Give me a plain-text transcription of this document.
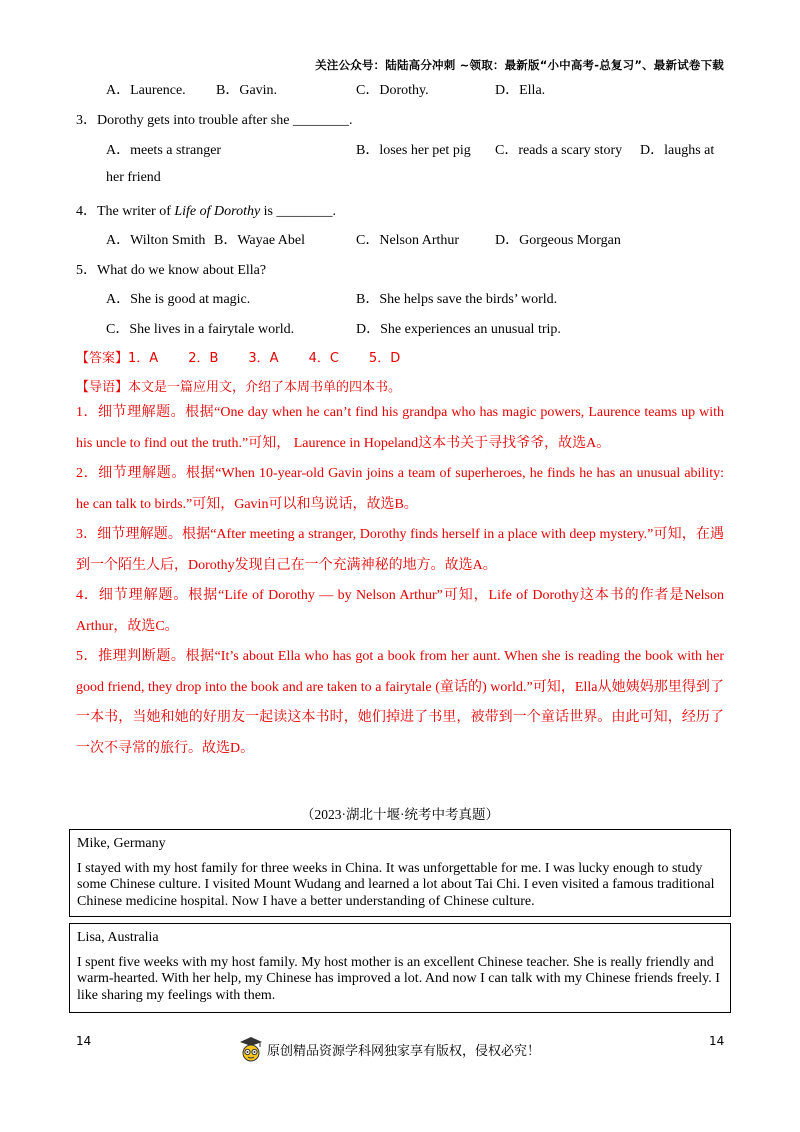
关注公众号：陆陆高分冲刺 ~领取：最新版“小中高考-总复习”、最新试卷下载
A．Laurence. B．Gavin.	C．Dorothy.	D．Ella.
3．Dorothy gets into trouble after she ________.
A．meets a stranger	B．loses her pet pig C．reads a scary story D．laughs at
her friend
4．The writer of Life of Dorothy is ________.
A．Wilton Smith B．Wayae Abel	C．Nelson Arthur	D．Gorgeous Morgan
5．What do we know about Ella?
A．She is good at magic.	B．She helps save the birds’ world.
C．She lives in a fairytale world.	D．She experiences an unusual trip.
【答案】1．A 2．B 3．A 4．C 5．D
【导语】本文是一篇应用文，介绍了本周书单的四本书。
1．细节理解题。根据“One day when he can’t find his grandpa who has magic powers, Laurence teams up with his uncle to find out the truth.”可知， Laurence in Hopeland这本书关于寻找爷爷，故选A。
2．细节理解题。根据“When 10-year-old Gavin joins a team of superheroes, he finds he has an unusual ability: he can talk to birds.”可知，Gavin可以和鸟说话，故选B。
3．细节理解题。根据“After meeting a stranger, Dorothy finds herself in a place with deep mystery.”可知，在遇到一个陌生人后，Dorothy发现自己在一个充满神秘的地方。故选A。
4．细节理解题。根据“Life of Dorothy — by Nelson Arthur”可知，Life of Dorothy这本书的作者是Nelson Arthur，故选C。
5．推理判断题。根据“It’s about Ella who has got a book from her aunt. When she is reading the book with her good friend, they drop into the book and are taken to a fairytale (童话的) world.”可知，Ella从她姨妈那里得到了一本书，当她和她的好朋友一起读这本书时，她们掉进了书里，被带到一个童话世界。由此可知，经历了一次不寻常的旅行。故选D。
（2023·湖北十堰·统考中考真题）
Mike, Germany
I stayed with my host family for three weeks in China. It was unforgettable for me. I was lucky enough to study some Chinese culture. I visited Mount Wudang and learned a lot about Tai Chi. I even visited a famous traditional Chinese medicine hospital. Now I have a better understanding of Chinese culture.
Lisa, Australia
I spent five weeks with my host family. My host mother is an excellent Chinese teacher. She is really friendly and warm-hearted. With her help, my Chinese has improved a lot. And now I can talk with my Chinese friends freely. I like sharing my feelings with them.
14	14
原创精品资源学科网独家享有版权，侵权必究！
